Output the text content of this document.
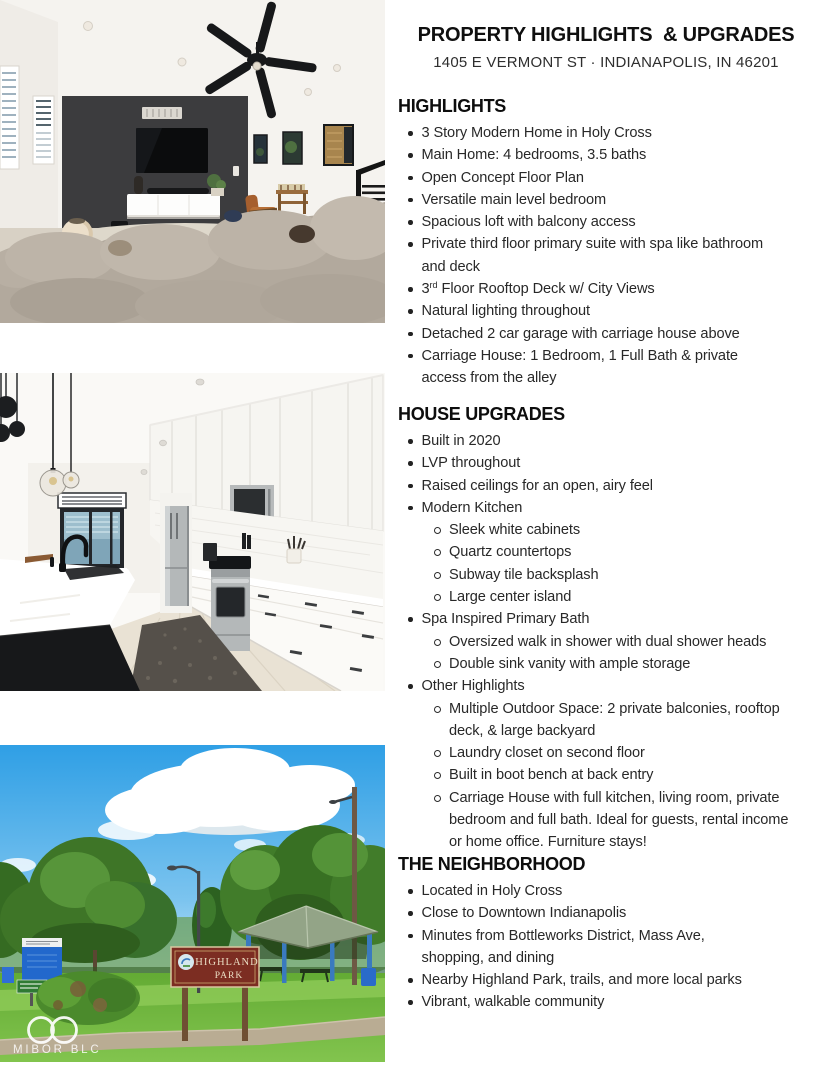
HIGHLAND
PARK
MIBOR BLC
PROPERTY HIGHLIGHTS  & UPGRADES
1405 E VERMONT ST · INDIANAPOLIS, IN 46201
HIGHLIGHTS
3 Story Modern Home in Holy Cross
Main Home: 4 bedrooms, 3.5 baths
Open Concept Floor Plan
Versatile main level bedroom
Spacious loft with balcony access
Private third floor primary suite with spa like bathroom and deck
3rd Floor Rooftop Deck w/ City Views
Natural lighting throughout
Detached 2 car garage with carriage house above
Carriage House: 1 Bedroom, 1 Full Bath & private access from the alley
HOUSE UPGRADES
Built in 2020
LVP throughout
Raised ceilings for an open, airy feel
Modern Kitchen
Sleek white cabinets
Quartz countertops
Subway tile backsplash
Large center island
Spa Inspired Primary Bath
Oversized walk in shower with dual shower heads
Double sink vanity with ample storage
Other Highlights
Multiple Outdoor Space: 2 private balconies, rooftop deck, & large backyard
Laundry closet on second floor
Built in boot bench at back entry
Carriage House with full kitchen, living room, private bedroom and full bath. Ideal for guests, rental income or home office. Furniture stays!
THE NEIGHBORHOOD
Located in Holy Cross
Close to Downtown Indianapolis
Minutes from Bottleworks District, Mass Ave, shopping, and dining
Nearby Highland Park, trails, and more local parks
Vibrant, walkable community
